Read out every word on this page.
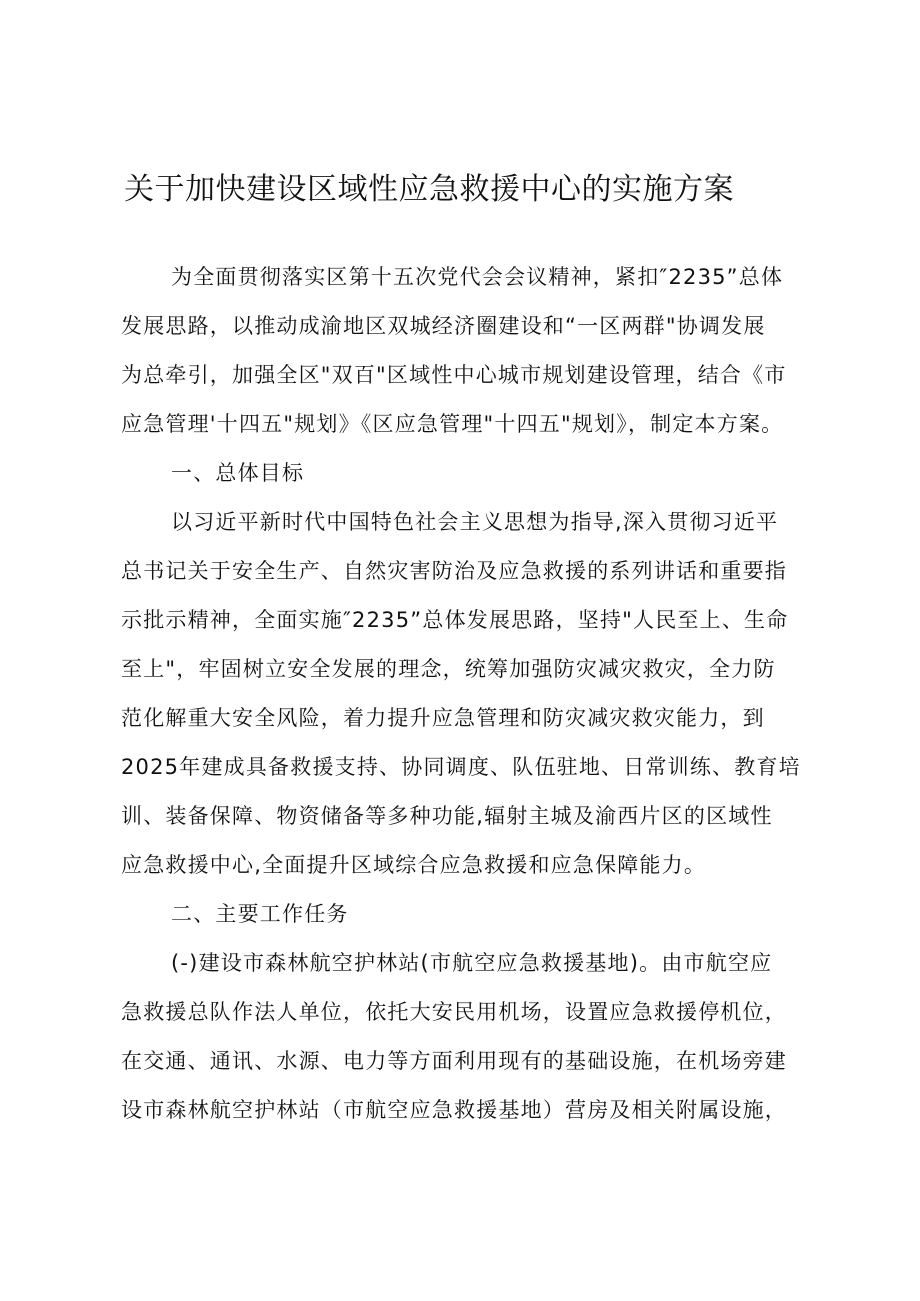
关于加快建设区域性应急救援中心的实施方案

为全面贯彻落实区第十五次党代会会议精神，紧扣″2235”总体

发展思路，以推动成渝地区双城经济圈建设和“一区两群"协调发展

为总牵引，加强全区"双百"区域性中心城市规划建设管理，结合《市

应急管理'十四五"规划》《区应急管理"十四五"规划》，制定本方案。

一、总体目标

以习近平新时代中国特色社会主义思想为指导,深入贯彻习近平

总书记关于安全生产、自然灾害防治及应急救援的系列讲话和重要指

示批示精神，全面实施″2235”总体发展思路，坚持"人民至上、生命

至上"，牢固树立安全发展的理念，统筹加强防灾减灾救灾，全力防

范化解重大安全风险，着力提升应急管理和防灾减灾救灾能力，到

2025年建成具备救援支持、协同调度、队伍驻地、日常训练、教育培

训、装备保障、物资储备等多种功能,辐射主城及渝西片区的区域性

应急救援中心,全面提升区域综合应急救援和应急保障能力。

二、主要工作任务

(-)建设市森林航空护林站(市航空应急救援基地)。由市航空应

急救援总队作法人单位，依托大安民用机场，设置应急救援停机位，

在交通、通讯、水源、电力等方面利用现有的基础设施，在机场旁建

设市森林航空护林站（市航空应急救援基地）营房及相关附属设施，
